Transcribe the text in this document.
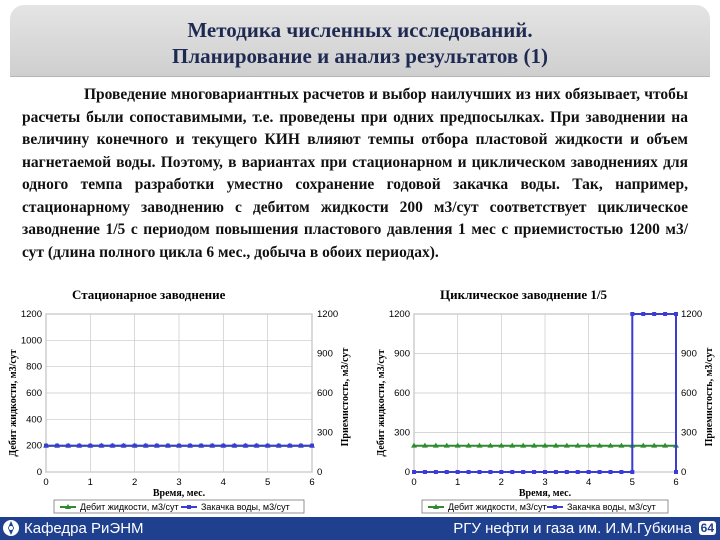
Методика численных исследований.
Планирование и анализ результатов (1)
Проведение многовариантных расчетов и выбор наилучших из них обязывает, чтобы расчеты были сопоставимыми, т.е. проведены при одних предпосылках. При заводнении на величину конечного и текущего КИН влияют темпы отбора пластовой жидкости и объем нагнетаемой воды. Поэтому, в вариантах при стационарном и циклическом заводнениях для одного темпа разработки уместно сохранение годовой закачка воды. Так, например, стационарному заводнению с дебитом жидкости 200 м3/сут соответствует циклическое заводнение 1/5 с периодом повышения пластового давления 1 мес с приемистостью 1200 м3/сут (длина полного цикла 6 мес., добыча в обоих периодах).
Стационарное заводнение	Циклическое заводнение 1/5
0
200
400
600
800
1000
1200
0
300
600
900
1200
0	1	2	3	4	5	6
Время, мес.
Дебит жидкости, м3/сут	Приемистость, м3/сут
Дебит жидкости, м3/сут Закачка воды, м3/сут
0
300
600
900
1200
0
300
600
900
1200
0	1	2	3	4	5	6
Время, мес.
Дебит жидкости, м3/сут	Приемистость, м3/сут
Дебит жидкости, м3/сут Закачка воды, м3/сут
Кафедра РиЭНМ	РГУ нефти и газа им. И.М.Губкина 64
